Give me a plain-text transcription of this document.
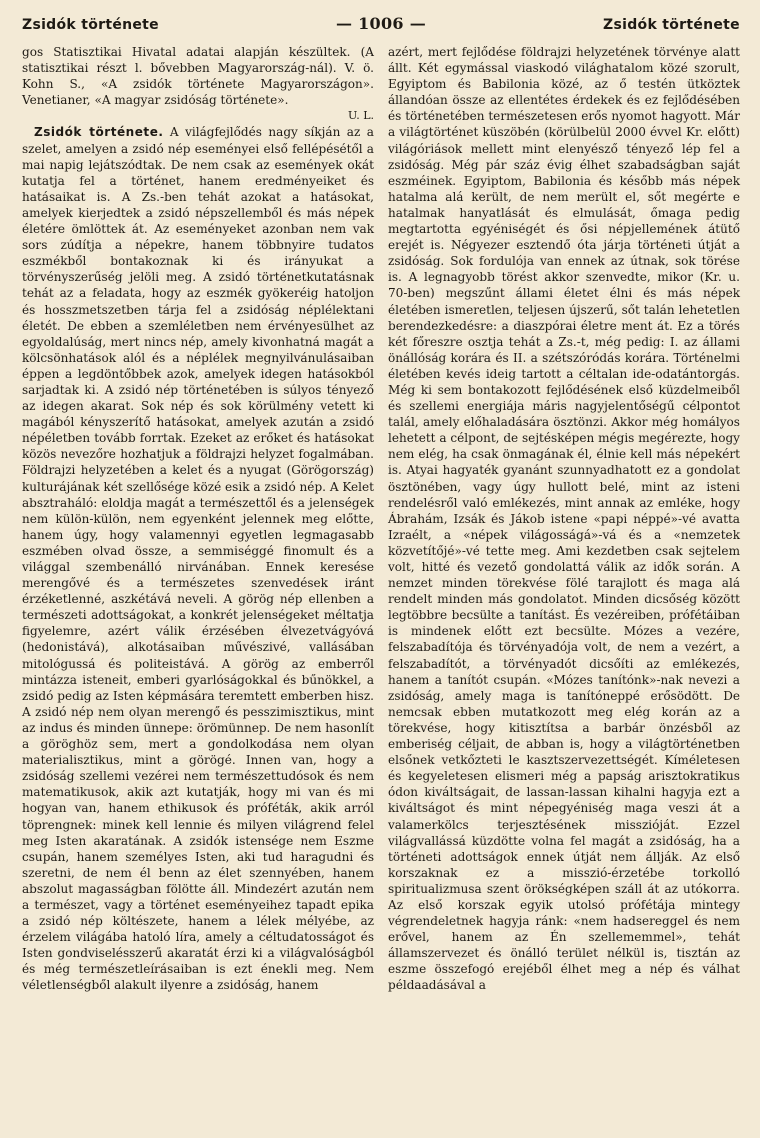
Zsidók története	— 1006 —	Zsidók története

gos Statisztikai Hivatal adatai alapján készültek. (A statisztikai részt l. bővebben Magyarország-nál). V. ö. Kohn S., «A zsidók története Magyarországon». Venetianer, «A magyar zsidóság története».

U. L.

Zsidók története. A világfejlődés nagy síkján az a szelet, amelyen a zsidó nép eseményei első fellépésétől a mai napig lejátszódtak. De nem csak az események okát kutatja fel a történet, hanem eredményeiket és hatásaikat is. A Zs.-ben tehát azokat a hatásokat, amelyek kierjedtek a zsidó népszellemből és más népek életére ömlöttek át. Az eseményeket azonban nem vak sors zúdítja a népekre, hanem többnyire tudatos eszmékből bontakoznak ki és irányukat a törvényszerűség jelöli meg. A zsidó történetkutatásnak tehát az a feladata, hogy az eszmék gyökeréig hatoljon és hosszmetszetben tárja fel a zsidóság néplélektani életét. De ebben a szemléletben nem érvényesülhet az egyoldalúság, mert nincs nép, amely kivonhatná magát a kölcsönhatások alól és a néplélek megnyilvánulásaiban éppen a legdöntőbbek azok, amelyek idegen hatásokból sarjadtak ki. A zsidó nép történetében is súlyos tényező az idegen akarat. Sok nép és sok körülmény vetett ki magából kényszerítő hatásokat, amelyek azután a zsidó népéletben tovább forrtak. Ezeket az erőket és hatásokat közös nevezőre hozhatjuk a földrajzi helyzet fogalmában. Földrajzi helyzetében a kelet és a nyugat (Görögország) kulturájának két szellősége közé esik a zsidó nép. A Kelet absztraháló: eloldja magát a természettől és a jelenségek nem külön-külön, nem egyenként jelennek meg előtte, hanem úgy, hogy valamennyi egyetlen legmagasabb eszmében olvad össze, a semmiséggé finomult és a világgal szembenálló nirvánában. Ennek keresése merengővé és a természetes szenvedések iránt érzéketlenné, aszkétává neveli. A görög nép ellenben a természeti adottságokat, a konkrét jelenségeket méltatja figyelemre, azért válik érzésében élvezetvágyóvá (hedonistává), alkotásaiban művészivé, vallásában mitológussá és politeistává. A görög az emberről mintázza isteneit, emberi gyarlóságokkal és bűnökkel, a zsidó pedig az Isten képmására teremtett emberben hisz. A zsidó nép nem olyan merengő és pesszimisztikus, mint az indus és minden ünnepe: örömünnep. De nem hasonlít a göröghöz sem, mert a gondolkodása nem olyan materialisztikus, mint a görögé. Innen van, hogy a zsidóság szellemi vezérei nem természettudósok és nem matematikusok, akik azt kutatják, hogy mi van és mi hogyan van, hanem ethikusok és próféták, akik arról töprengnek: minek kell lennie és milyen világrend felel meg Isten akaratának. A zsidók istensége nem Eszme csupán, hanem személyes Isten, aki tud haragudni és szeretni, de nem él benn az élet szennyében, hanem abszolut magasságban fölötte áll. Mindezért azután nem a természet, vagy a történet eseményeihez tapadt epika a zsidó nép költészete, hanem a lélek mélyébe, az érzelem világába hatoló líra, amely a céltudatosságot és Isten gondviselésszerű akaratát érzi ki a világvalóságból és még természetleírásaiban is ezt énekli meg. Nem véletlenségből alakult ilyenre a zsidóság, hanem

azért, mert fejlődése földrajzi helyzetének törvénye alatt állt. Két egymással viaskodó világhatalom közé szorult, Egyiptom és Babilonia közé, az ő testén ütköztek állandóan össze az ellentétes érdekek és ez fejlődésében és történetében természetesen erős nyomot hagyott. Már a világtörténet küszöbén (körülbelül 2000 évvel Kr. előtt) világóriások mellett mint elenyésző tényező lép fel a zsidóság. Még pár száz évig élhet szabadságban saját eszméinek. Egyiptom, Babilonia és később más népek hatalma alá került, de nem merült el, sőt megérte e hatalmak hanyatlását és elmulását, őmaga pedig megtartotta egyéniségét és ősi népjellemének átütő erejét is. Négyezer esztendő óta járja történeti útját a zsidóság. Sok fordulója van ennek az útnak, sok törése is. A legnagyobb törést akkor szenvedte, mikor (Kr. u. 70-ben) megszűnt állami életet élni és más népek életében ismeretlen, teljesen újszerű, sőt talán lehetetlen berendezkedésre: a diaszpórai életre ment át. Ez a törés két főreszre osztja tehát a Zs.-t, még pedig: I. az állami önállóság korára és II. a szétszóródás korára. Történelmi életében kevés ideig tartott a céltalan ide-odatántorgás. Még ki sem bontakozott fejlődésének első küzdelmeiből és szellemi energiája máris nagyjelentőségű célpontot talál, amely előhaladására ösztönzi. Akkor még homályos lehetett a célpont, de sejtésképen mégis megérezte, hogy nem elég, ha csak önmagának él, élnie kell más népekért is. Atyai hagyaték gyanánt szunnyadhatott ez a gondolat ösztönében, vagy úgy hullott belé, mint az isteni rendelésről való emlékezés, mint annak az emléke, hogy Ábrahám, Izsák és Jákob istene «papi néppé»-vé avatta Izraélt, a «népek világosságá»-vá és a «nemzetek közvetítőjé»-vé tette meg. Ami kezdetben csak sejtelem volt, hitté és vezető gondolattá válik az idők során. A nemzet minden törekvése fölé tarajlott és maga alá rendelt minden más gondolatot. Minden dicsőség között legtöbbre becsülte a tanítást. És vezéreiben, prófétáiban is mindenek előtt ezt becsülte. Mózes a vezére, felszabadítója és törvényadója volt, de nem a vezért, a felszabadítót, a törvényadót dicsőíti az emlékezés, hanem a tanítót csupán. «Mózes tanítónk»-nak nevezi a zsidóság, amely maga is tanítóneppé erősödött. De nemcsak ebben mutatkozott meg elég korán az a törekvése, hogy kitisztítsa a barbár önzésből az emberiség céljait, de abban is, hogy a világtörténetben elsőnek vetkőzteti le kasztszervezettségét. Kíméletesen és kegyeletesen elismeri még a papság arisztokratikus ódon kiváltságait, de lassan-lassan kihalni hagyja ezt a kiváltságot és mint népegyéniség maga veszi át a valamerkölcs terjesztésének misszióját. Ezzel világvallássá küzdötte volna fel magát a zsidóság, ha a történeti adottságok ennek útját nem állják. Az első korszaknak ez a misszió-érzetébe torkolló spiritualizmusa szent örökségképen száll át az utókorra. Az első korszak egyik utolsó prófétája mintegy végrendeletnek hagyja ránk: «nem hadsereggel és nem erővel, hanem az Én szellememmel», tehát államszervezet és önálló terület nélkül is, tisztán az eszme összefogó erejéből élhet meg a nép és válhat példaadásával a
